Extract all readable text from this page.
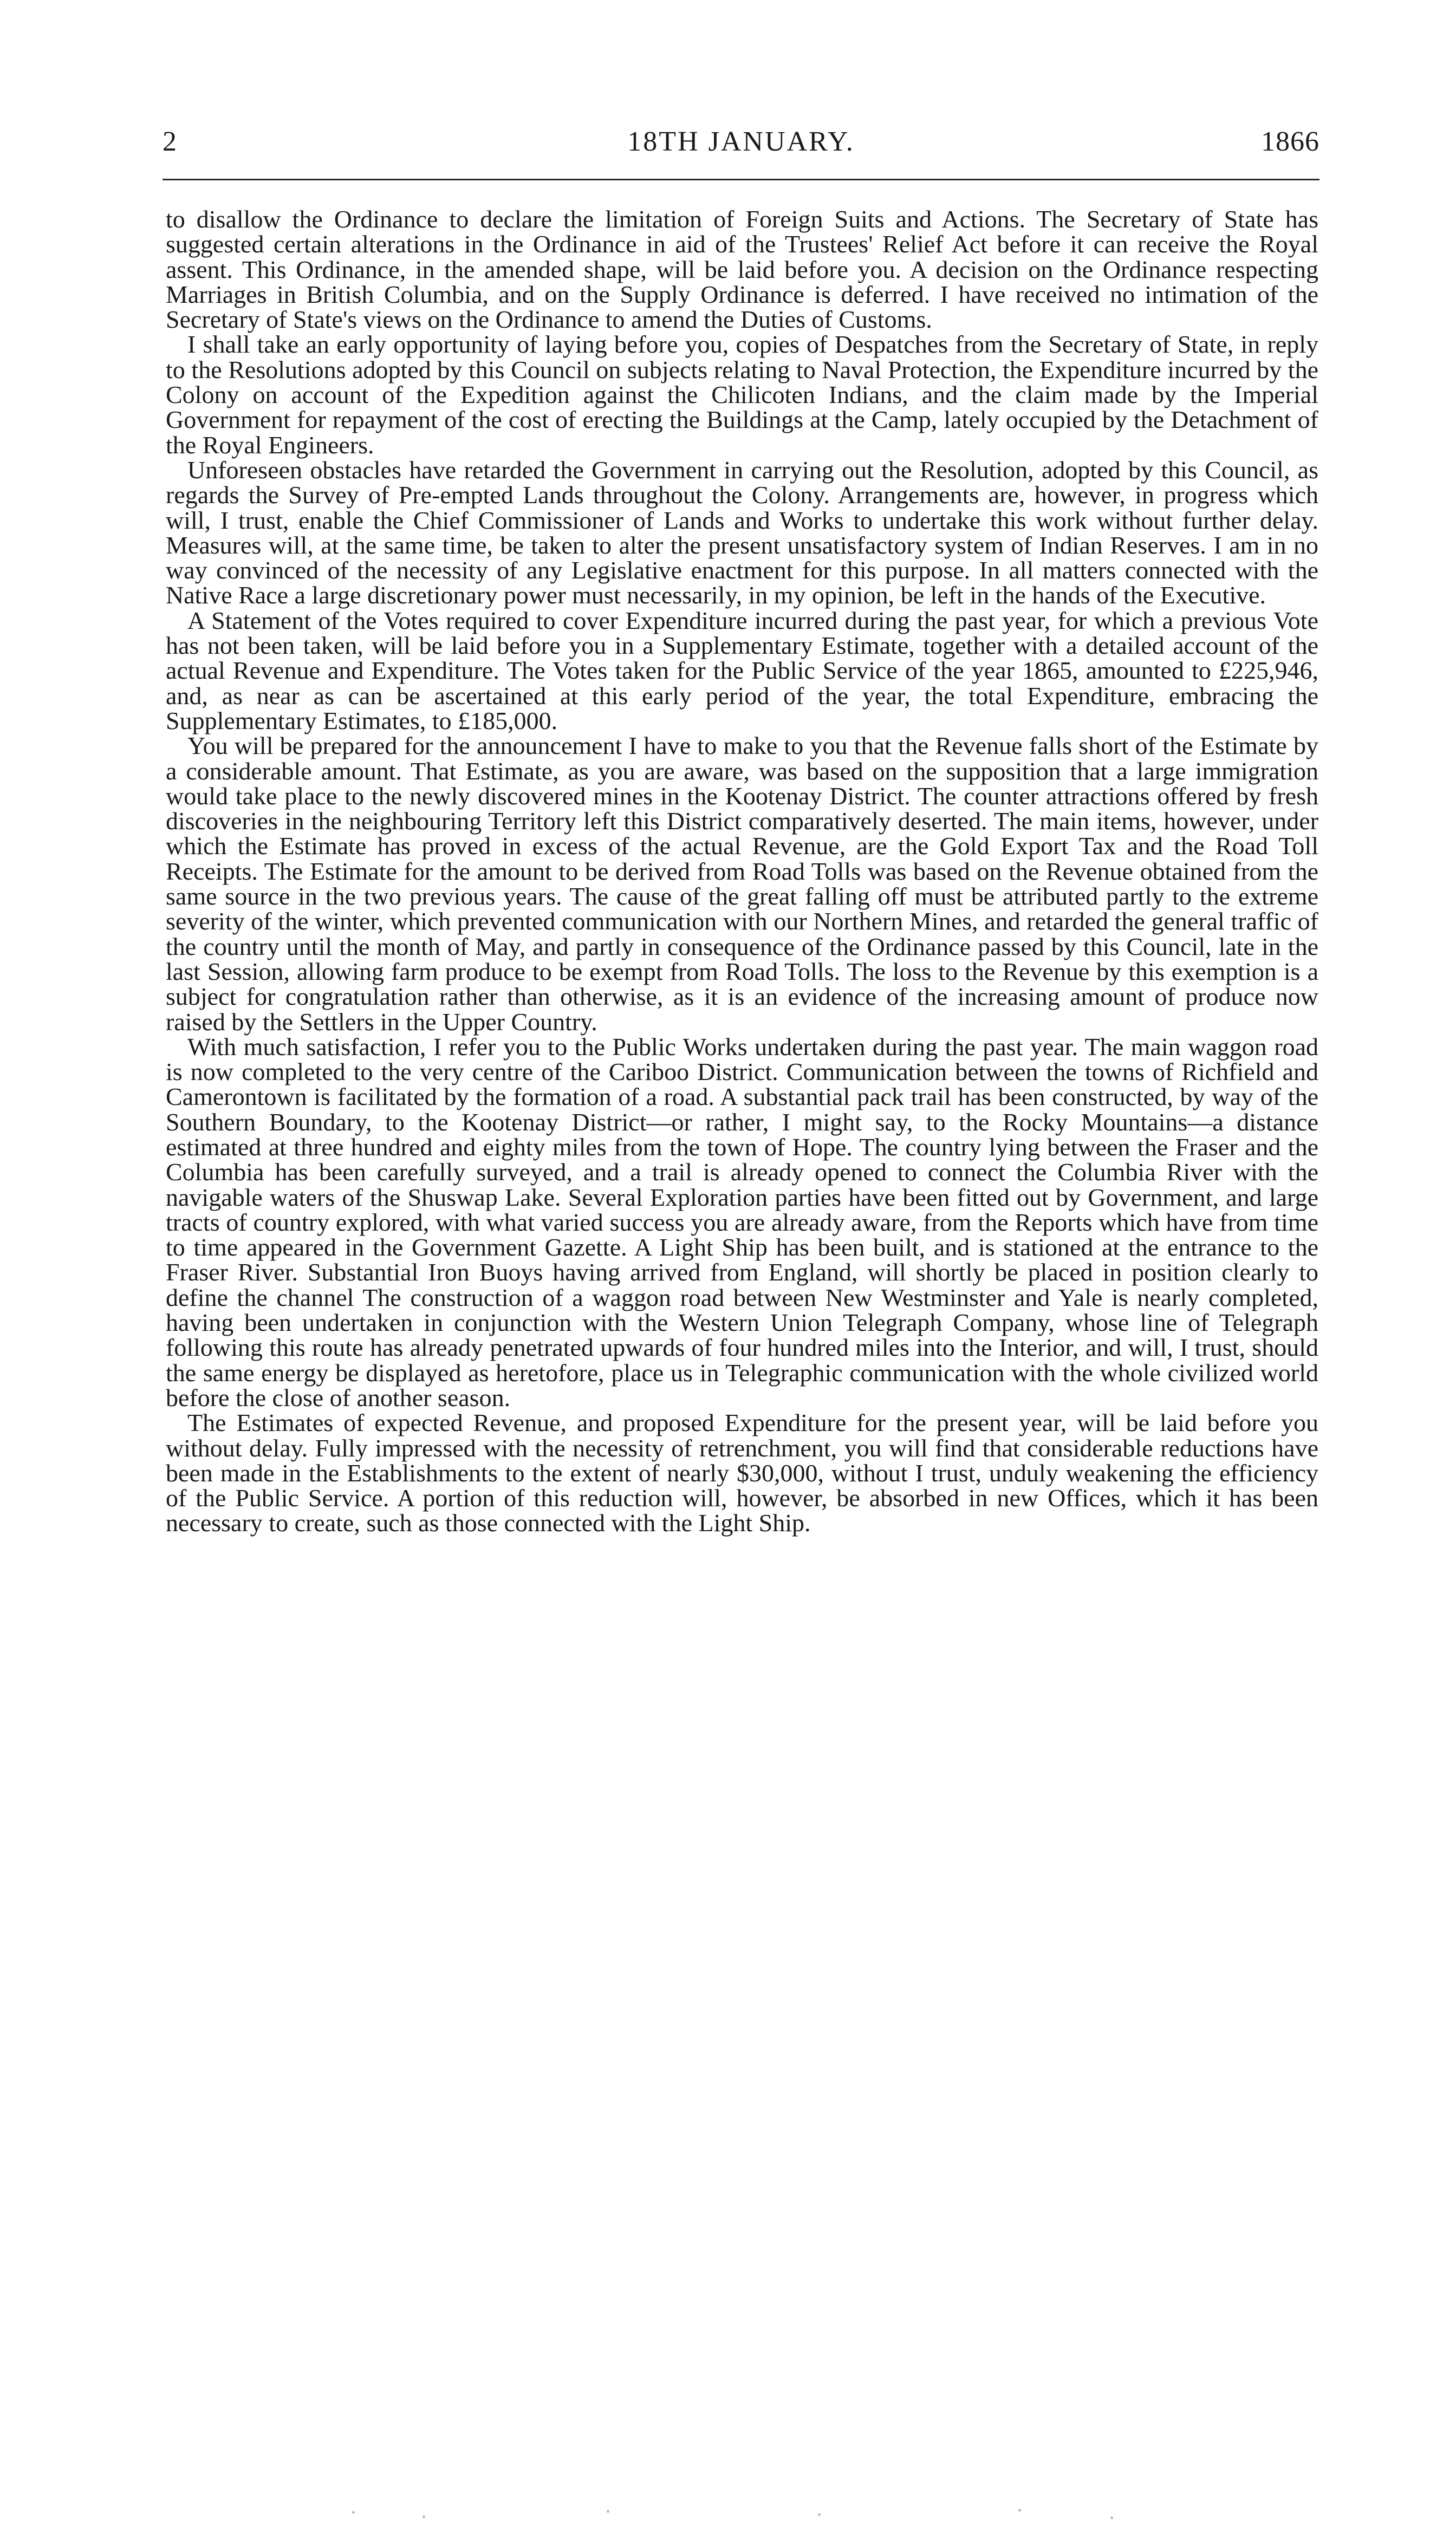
18TH JANUARY.
2	1866

to disallow the Ordinance to declare the limitation of Foreign Suits and Actions. The Secretary of State has suggested certain alterations in the Ordinance in aid of the Trustees' Relief Act before it can receive the Royal assent. This Ordinance, in the amended shape, will be laid before you. A decision on the Ordinance respecting Marriages in British Columbia, and on the Supply Ordinance is deferred. I have received no intimation of the Secretary of State's views on the Ordinance to amend the Duties of Customs.

I shall take an early opportunity of laying before you, copies of Despatches from the Secretary of State, in reply to the Resolutions adopted by this Council on subjects relating to Naval Protection, the Expenditure incurred by the Colony on account of the Expedition against the Chilicoten Indians, and the claim made by the Imperial Government for repayment of the cost of erecting the Buildings at the Camp, lately occupied by the Detachment of the Royal Engineers.

Unforeseen obstacles have retarded the Government in carrying out the Resolution, adopted by this Council, as regards the Survey of Pre-empted Lands throughout the Colony. Arrangements are, however, in progress which will, I trust, enable the Chief Commissioner of Lands and Works to undertake this work without further delay. Measures will, at the same time, be taken to alter the present unsatisfactory system of Indian Reserves. I am in no way convinced of the necessity of any Legislative enactment for this purpose. In all matters connected with the Native Race a large discretionary power must necessarily, in my opinion, be left in the hands of the Executive.

A Statement of the Votes required to cover Expenditure incurred during the past year, for which a previous Vote has not been taken, will be laid before you in a Supplementary Estimate, together with a detailed account of the actual Revenue and Expenditure. The Votes taken for the Public Service of the year 1865, amounted to £225,946, and, as near as can be ascertained at this early period of the year, the total Expenditure, embracing the Supplementary Estimates, to £185,000.

You will be prepared for the announcement I have to make to you that the Revenue falls short of the Estimate by a considerable amount. That Estimate, as you are aware, was based on the supposition that a large immigration would take place to the newly discovered mines in the Kootenay District. The counter attractions offered by fresh discoveries in the neighbouring Territory left this District comparatively deserted. The main items, however, under which the Estimate has proved in excess of the actual Revenue, are the Gold Export Tax and the Road Toll Receipts. The Estimate for the amount to be derived from Road Tolls was based on the Revenue obtained from the same source in the two previous years. The cause of the great falling off must be attributed partly to the extreme severity of the winter, which prevented communication with our Northern Mines, and retarded the general traffic of the country until the month of May, and partly in consequence of the Ordinance passed by this Council, late in the last Session, allowing farm produce to be exempt from Road Tolls. The loss to the Revenue by this exemption is a subject for congratulation rather than otherwise, as it is an evidence of the increasing amount of produce now raised by the Settlers in the Upper Country.

With much satisfaction, I refer you to the Public Works undertaken during the past year. The main waggon road is now completed to the very centre of the Cariboo District. Communication between the towns of Richfield and Camerontown is facilitated by the formation of a road. A substantial pack trail has been constructed, by way of the Southern Boundary, to the Kootenay District—or rather, I might say, to the Rocky Mountains—a distance estimated at three hundred and eighty miles from the town of Hope. The country lying between the Fraser and the Columbia has been carefully surveyed, and a trail is already opened to connect the Columbia River with the navigable waters of the Shuswap Lake. Several Exploration parties have been fitted out by Government, and large tracts of country explored, with what varied success you are already aware, from the Reports which have from time to time appeared in the Government Gazette. A Light Ship has been built, and is stationed at the entrance to the Fraser River. Substantial Iron Buoys having arrived from England, will shortly be placed in position clearly to define the channel The construction of a waggon road between New Westminster and Yale is nearly completed, having been undertaken in conjunction with the Western Union Telegraph Company, whose line of Telegraph following this route has already penetrated upwards of four hundred miles into the Interior, and will, I trust, should the same energy be displayed as heretofore, place us in Telegraphic communication with the whole civilized world before the close of another season.

The Estimates of expected Revenue, and proposed Expenditure for the present year, will be laid before you without delay. Fully impressed with the necessity of retrenchment, you will find that considerable reductions have been made in the Establishments to the extent of nearly $30,000, without I trust, unduly weakening the efficiency of the Public Service. A portion of this reduction will, however, be absorbed in new Offices, which it has been necessary to create, such as those connected with the Light Ship.
